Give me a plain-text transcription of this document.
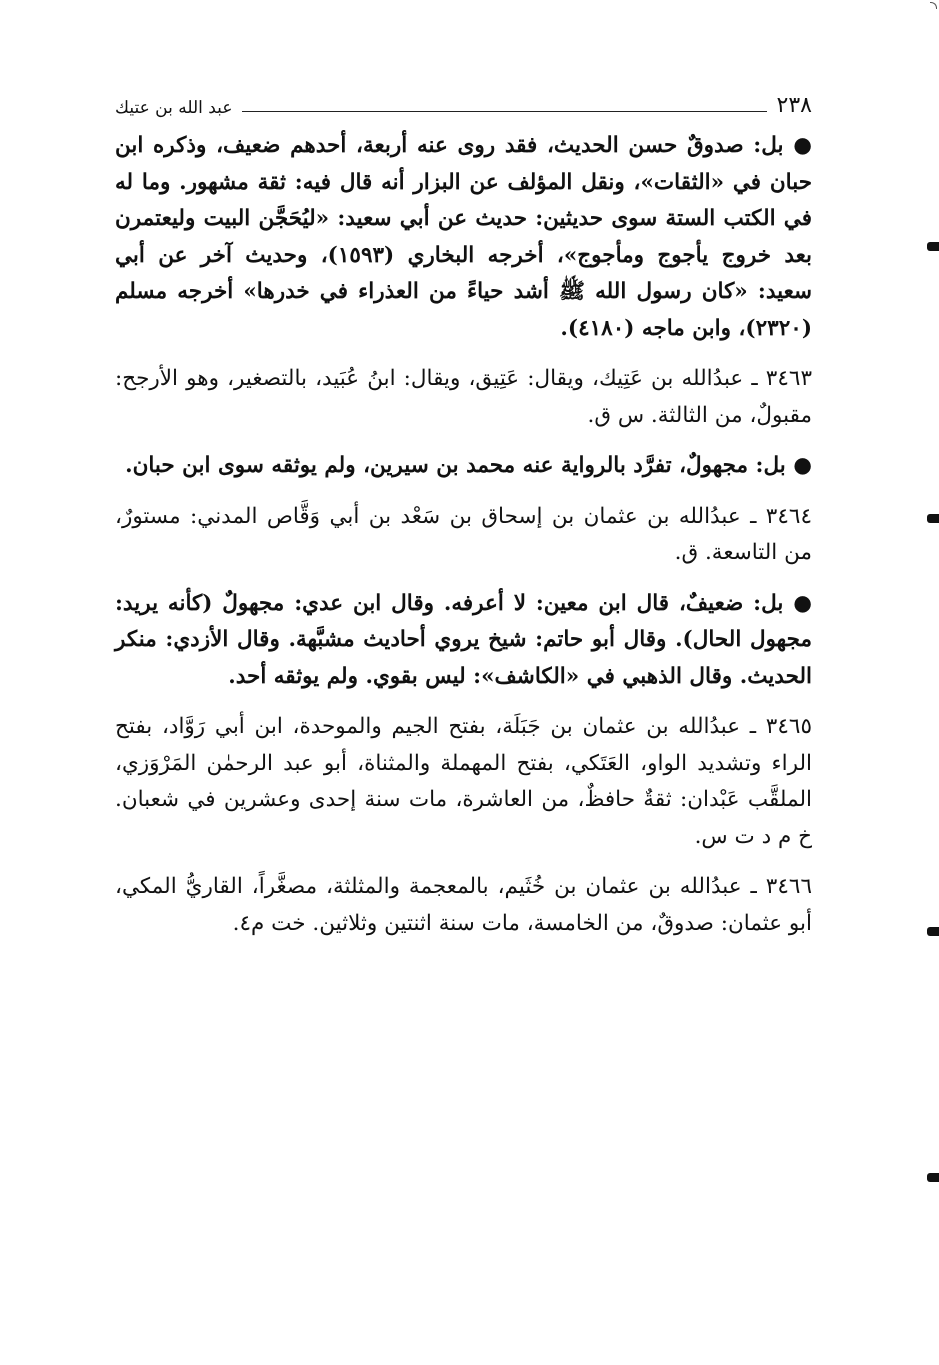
٢٣٨
عبد الله بن عتيك

● بل: صدوقٌ حسن الحديث، فقد روى عنه أربعة، أحدهم ضعيف، وذكره ابن حبان في «الثقات»، ونقل المؤلف عن البزار أنه قال فيه: ثقة مشهور. وما له في الكتب الستة سوى حديثين: حديث عن أبي سعيد: «ليُحَجَّن البيت وليعتمرن بعد خروج يأجوج ومأجوج»، أخرجه البخاري (١٥٩٣)، وحديث آخر عن أبي سعيد: «كان رسول الله ﷺ أشد حياءً من العذراء في خدرها» أخرجه مسلم (٢٣٢٠)، وابن ماجه (٤١٨٠).

٣٤٦٣ ـ عبدُالله بن عَتِيك، ويقال: عَتِيق، ويقال: ابنُ عُبَيد، بالتصغير، وهو الأرجح: مقبولٌ، من الثالثة. س ق.

● بل: مجهولٌ، تفرَّد بالرواية عنه محمد بن سيرين، ولم يوثقه سوى ابن حبان.

٣٤٦٤ ـ عبدُالله بن عثمان بن إسحاق بن سَعْد بن أبي وَقَّاص المدني: مستورٌ، من التاسعة. ق.

● بل: ضعيفٌ، قال ابن معين: لا أعرفه. وقال ابن عدي: مجهولٌ (كأنه يريد: مجهول الحال). وقال أبو حاتم: شيخ يروي أحاديث مشبَّهة. وقال الأزدي: منكر الحديث. وقال الذهبي في «الكاشف»: ليس بقوي. ولم يوثقه أحد.

٣٤٦٥ ـ عبدُالله بن عثمان بن جَبَلَة، بفتح الجيم والموحدة، ابن أبي رَوَّاد، بفتح الراء وتشديد الواو، العَتَكي، بفتح المهملة والمثناة، أبو عبد الرحمٰن المَرْوَزي، الملقَّب عَبْدان: ثقةٌ حافظٌ، من العاشرة، مات سنة إحدى وعشرين في شعبان. خ م د ت س.

٣٤٦٦ ـ عبدُالله بن عثمان بن خُثَيم، بالمعجمة والمثلثة، مصغَّراً، القاريُّ المكي، أبو عثمان: صدوقٌ، من الخامسة، مات سنة اثنتين وثلاثين. خت م٤.
